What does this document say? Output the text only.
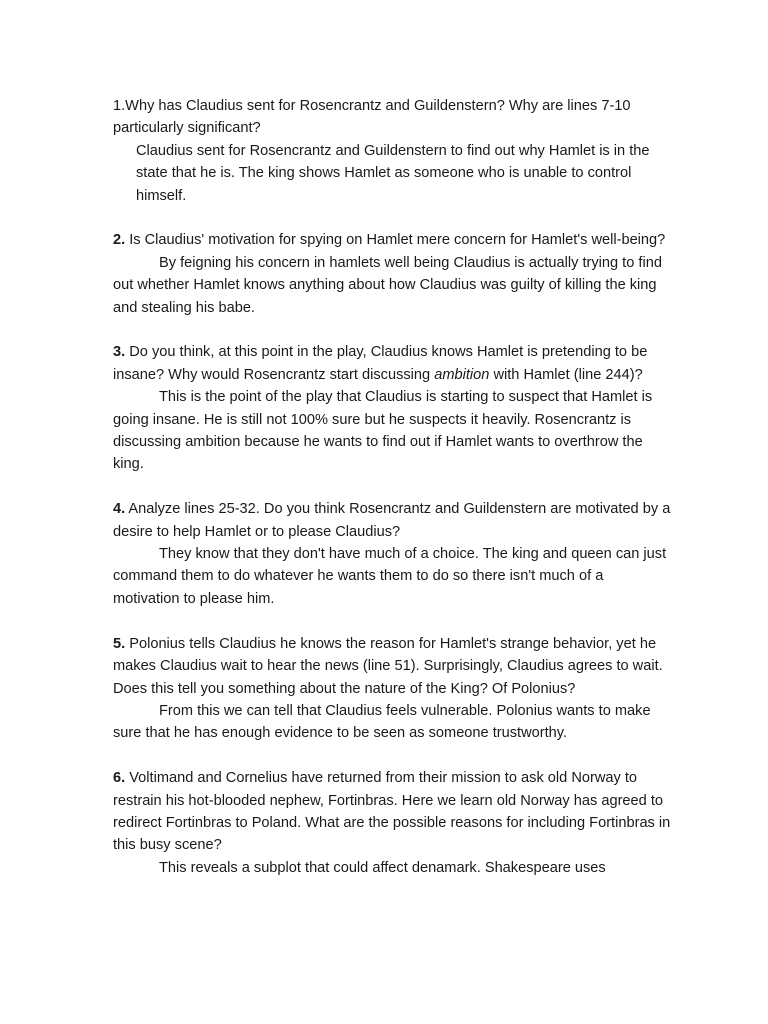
1.Why has Claudius sent for Rosencrantz and Guildenstern? Why are lines 7-10 particularly significant?

Claudius sent for Rosencrantz and Guildenstern to find out why Hamlet is in the state that he is. The king shows Hamlet as someone who is unable to control himself.

2. Is Claudius' motivation for spying on Hamlet mere concern for Hamlet's well-being?

By feigning his concern in hamlets well being Claudius is actually trying to find out whether Hamlet knows anything about how Claudius was guilty of killing the king and stealing his babe.

3. Do you think, at this point in the play, Claudius knows Hamlet is pretending to be insane? Why would Rosencrantz start discussing ambition with Hamlet (line 244)?

This is the point of the play that Claudius is starting to suspect that Hamlet is going insane. He is still not 100% sure but he suspects it heavily. Rosencrantz is discussing ambition because he wants to find out if Hamlet wants to overthrow the king.

4. Analyze lines 25-32. Do you think Rosencrantz and Guildenstern are motivated by a desire to help Hamlet or to please Claudius?

They know that they don't have much of a choice. The king and queen can just command them to do whatever he wants them to do so there isn't much of a motivation to please him.

5. Polonius tells Claudius he knows the reason for Hamlet's strange behavior, yet he makes Claudius wait to hear the news (line 51). Surprisingly, Claudius agrees to wait. Does this tell you something about the nature of the King? Of Polonius?

From this we can tell that Claudius feels vulnerable. Polonius wants to make sure that he has enough evidence to be seen as someone trustworthy.

6. Voltimand and Cornelius have returned from their mission to ask old Norway to restrain his hot-blooded nephew, Fortinbras. Here we learn old Norway has agreed to redirect Fortinbras to Poland. What are the possible reasons for including Fortinbras in this busy scene?

This reveals a subplot that could affect denamark. Shakespeare uses
